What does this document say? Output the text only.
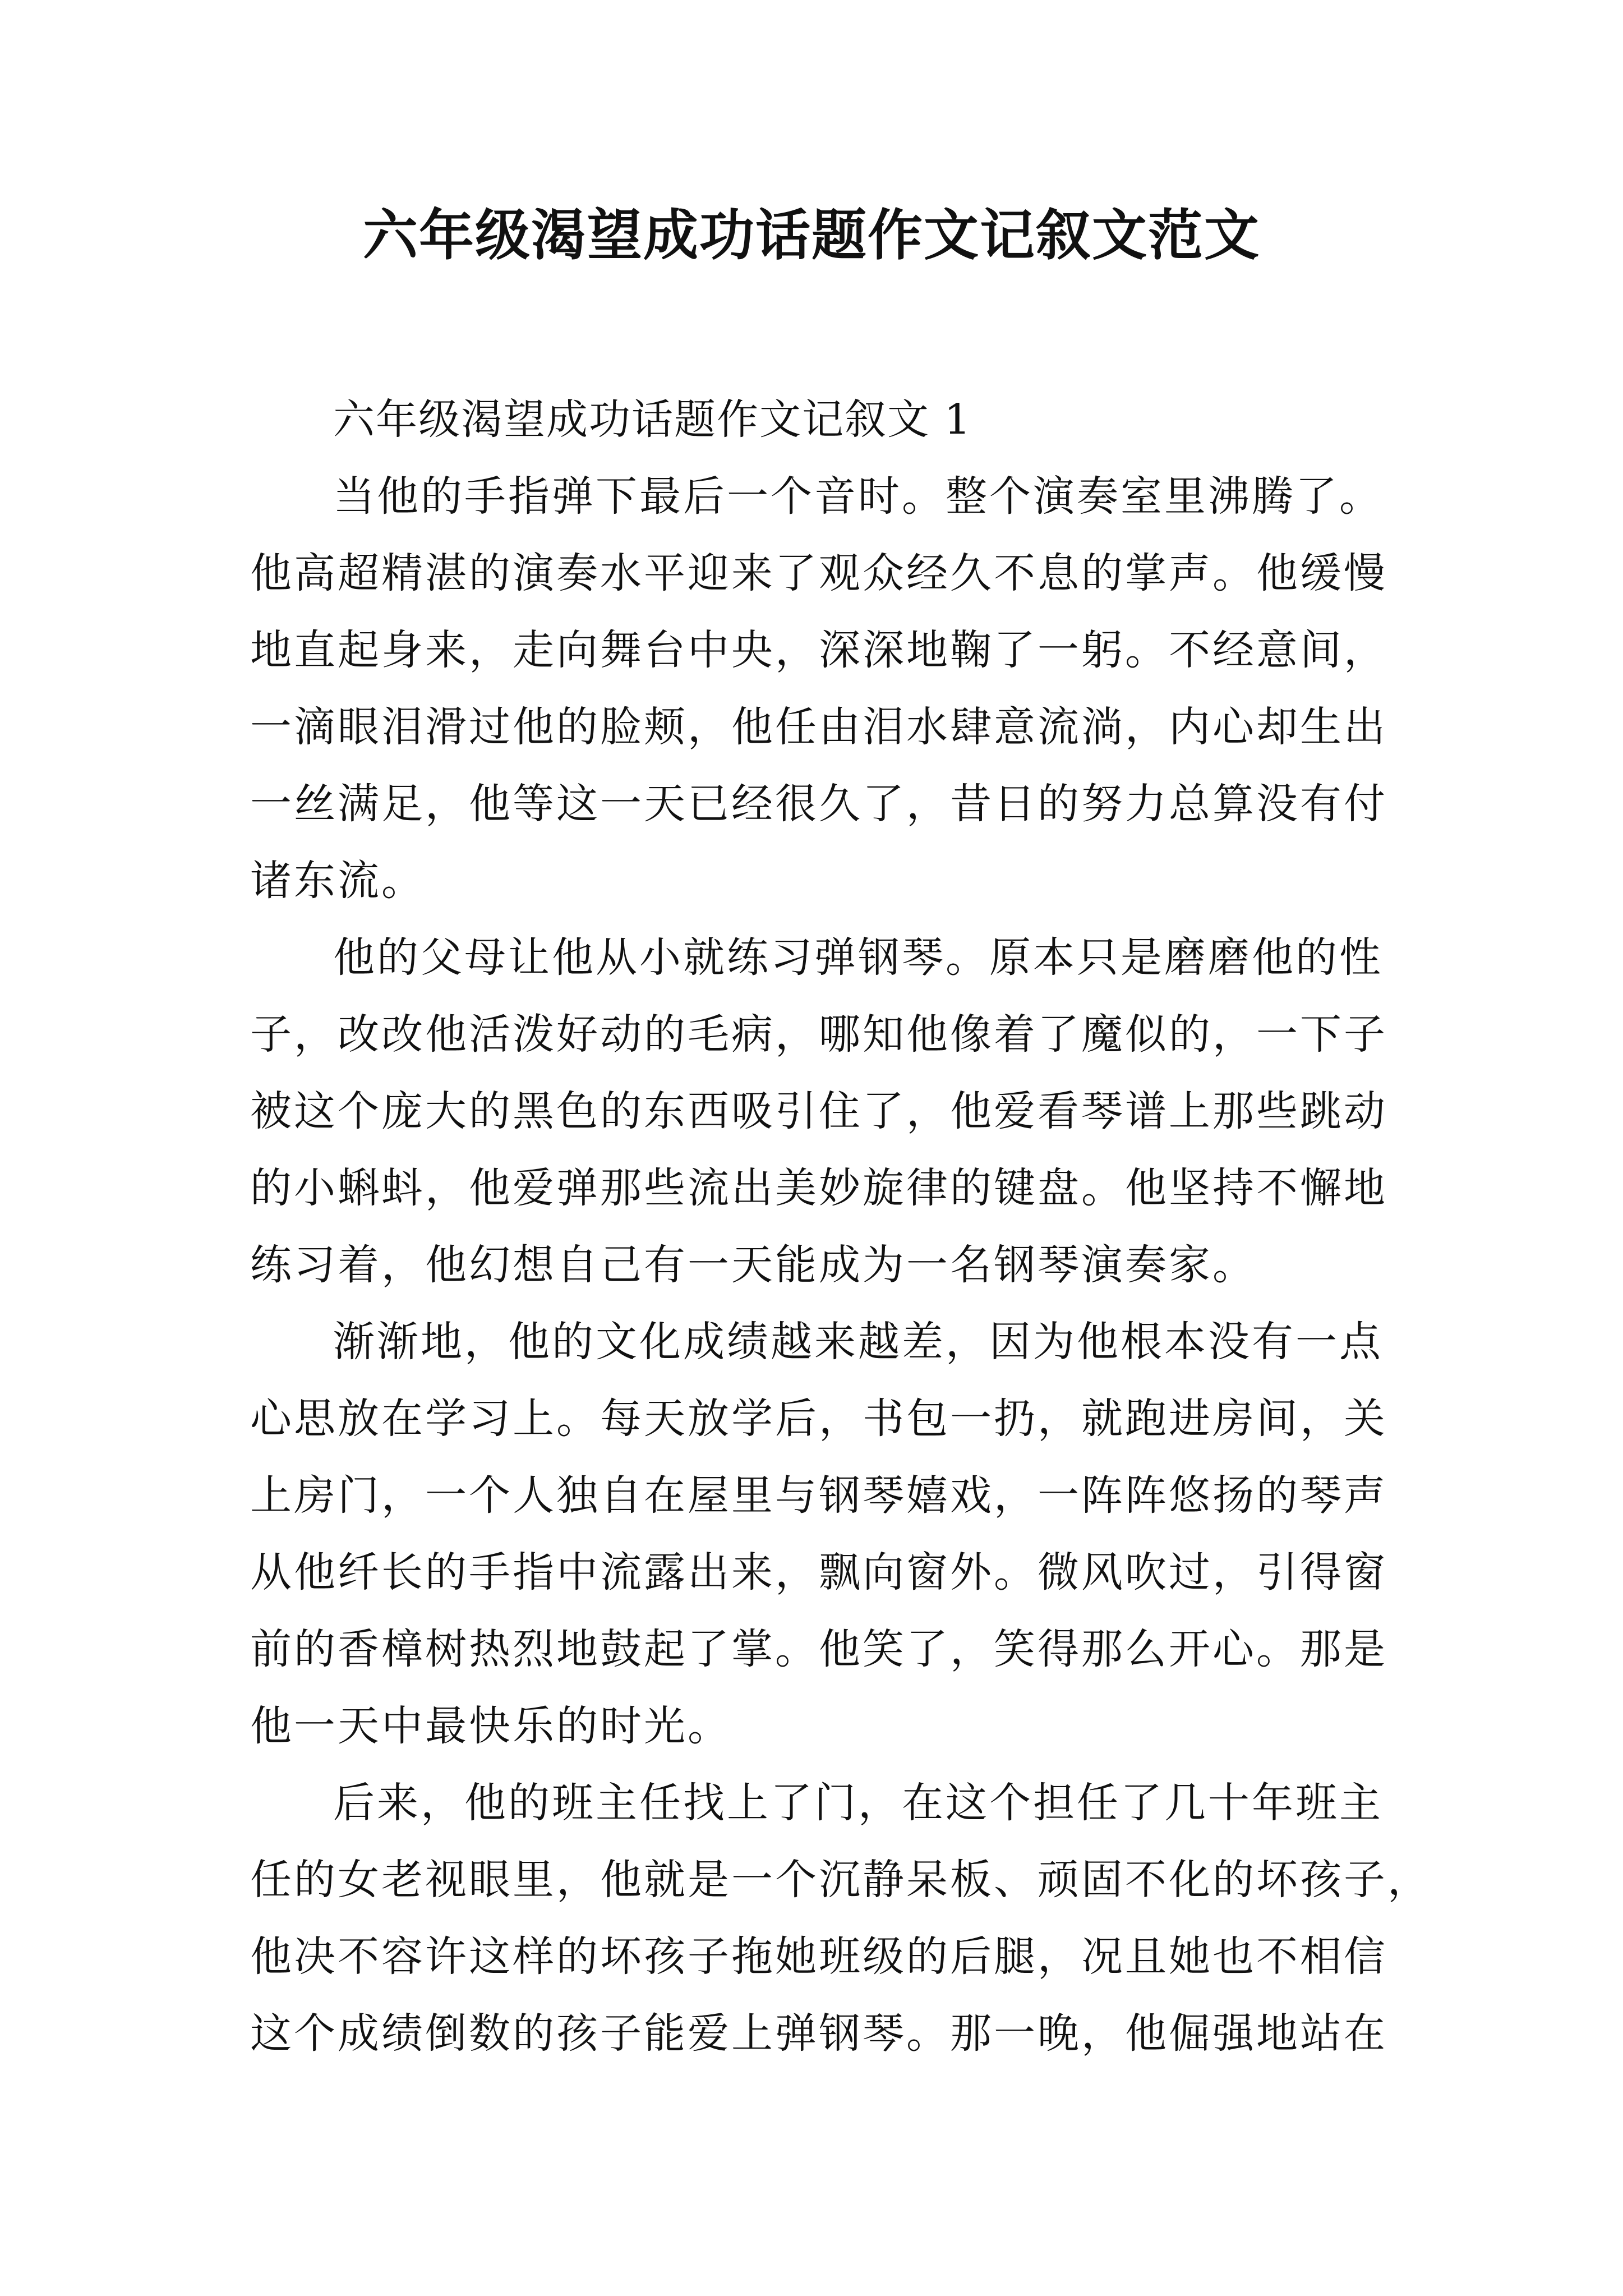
六年级渴望成功话题作文记叙文范文
六年级渴望成功话题作文记叙文 1
当他的手指弹下最后一个音时。整个演奏室里沸腾了。
他高超精湛的演奏水平迎来了观众经久不息的掌声。他缓慢
地直起身来，走向舞台中央，深深地鞠了一躬。不经意间，
一滴眼泪滑过他的脸颊，他任由泪水肆意流淌，内心却生出
一丝满足，他等这一天已经很久了，昔日的努力总算没有付
诸东流。
他的父母让他从小就练习弹钢琴。原本只是磨磨他的性
子，改改他活泼好动的毛病，哪知他像着了魔似的，一下子
被这个庞大的黑色的东西吸引住了，他爱看琴谱上那些跳动
的小蝌蚪，他爱弹那些流出美妙旋律的键盘。他坚持不懈地
练习着，他幻想自己有一天能成为一名钢琴演奏家。
渐渐地，他的文化成绩越来越差，因为他根本没有一点
心思放在学习上。每天放学后，书包一扔，就跑进房间，关
上房门，一个人独自在屋里与钢琴嬉戏，一阵阵悠扬的琴声
从他纤长的手指中流露出来，飘向窗外。微风吹过，引得窗
前的香樟树热烈地鼓起了掌。他笑了，笑得那么开心。那是
他一天中最快乐的时光。
后来，他的班主任找上了门，在这个担任了几十年班主
任的女老视眼里，他就是一个沉静呆板、顽固不化的坏孩子，
他决不容许这样的坏孩子拖她班级的后腿，况且她也不相信
这个成绩倒数的孩子能爱上弹钢琴。那一晚，他倔强地站在
